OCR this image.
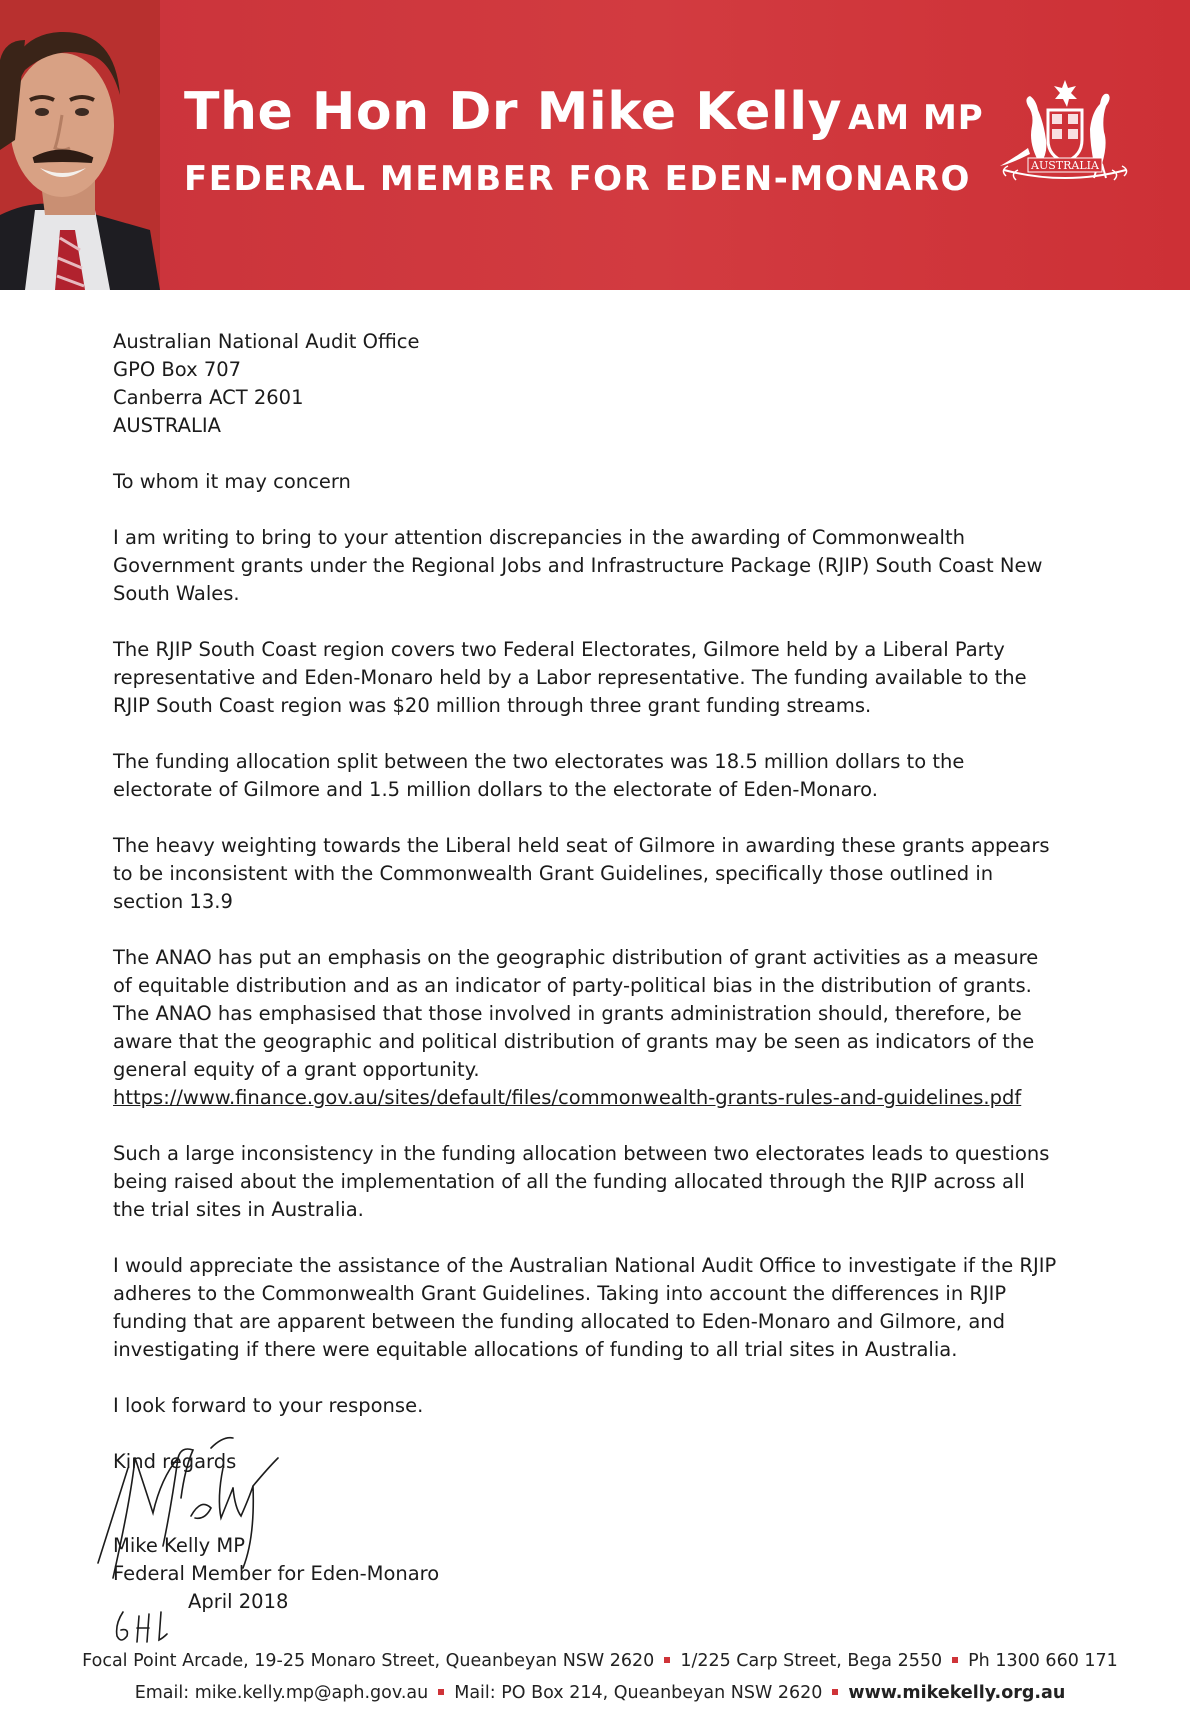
The Hon Dr Mike Kelly AM MP
FEDERAL MEMBER FOR EDEN-MONARO	AUSTRALIA
Australian National Audit Office
GPO Box 707
Canberra ACT 2601
AUSTRALIA
To whom it may concern
I am writing to bring to your attention discrepancies in the awarding of Commonwealth Government grants under the Regional Jobs and Infrastructure Package (RJIP) South Coast New South Wales.
The RJIP South Coast region covers two Federal Electorates, Gilmore held by a Liberal Party representative and Eden-Monaro held by a Labor representative. The funding available to the RJIP South Coast region was $20 million through three grant funding streams.
The funding allocation split between the two electorates was 18.5 million dollars to the electorate of Gilmore and 1.5 million dollars to the electorate of Eden-Monaro.
The heavy weighting towards the Liberal held seat of Gilmore in awarding these grants appears to be inconsistent with the Commonwealth Grant Guidelines, specifically those outlined in section 13.9
The ANAO has put an emphasis on the geographic distribution of grant activities as a measure of equitable distribution and as an indicator of party-political bias in the distribution of grants. The ANAO has emphasised that those involved in grants administration should, therefore, be aware that the geographic and political distribution of grants may be seen as indicators of the general equity of a grant opportunity.
https://www.finance.gov.au/sites/default/files/commonwealth-grants-rules-and-guidelines.pdf
Such a large inconsistency in the funding allocation between two electorates leads to questions being raised about the implementation of all the funding allocated through the RJIP across all the trial sites in Australia.
I would appreciate the assistance of the Australian National Audit Office to investigate if the RJIP adheres to the Commonwealth Grant Guidelines. Taking into account the differences in RJIP funding that are apparent between the funding allocated to Eden-Monaro and Gilmore, and investigating if there were equitable allocations of funding to all trial sites in Australia.
I look forward to your response.
Kind regards
Mike Kelly MP
Federal Member for Eden-Monaro
April 2018
6th
Focal Point Arcade, 19-25 Monaro Street, Queanbeyan NSW 2620 1/225 Carp Street, Bega 2550 Ph 1300 660 171
Email: mike.kelly.mp@aph.gov.au Mail: PO Box 214, Queanbeyan NSW 2620 www.mikekelly.org.au
